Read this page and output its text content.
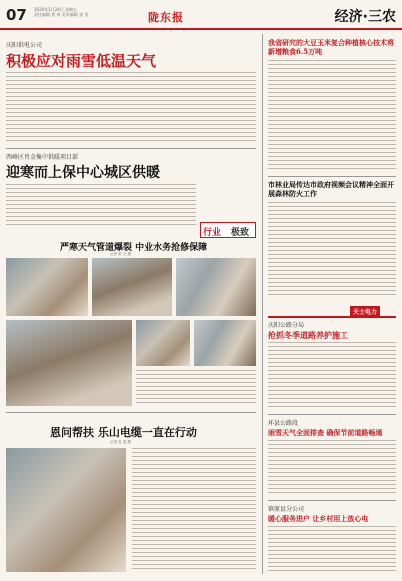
07 2020年1月24日 星期五
责任编辑 贾 伟 美术编辑 张 莹	陇东报	经济·三农
庆阳供电公司
积极应对雨雪低温天气
西峰区肖金集中供暖项目部
迎寒而上保中心城区供暖
行业 极致
严寒天气管道爆裂 中业水务抢修保障
记者 张 文 摄
恩问帮扶 乐山电缆一直在行动
记者 吴 斐 摄
我省研究的大豆玉米复合种植核心技术将新增粮食6.5万吨
市林业局传达市政府视频会议精神全面开展森林防火工作
天士电力
庆阳公路分局
抢抓冬季道路养护施工
环县公路段
雨雪天气全面排查 确保节前道路畅通
镇原县分公司
暖心服务进户 让乡村用上放心电
